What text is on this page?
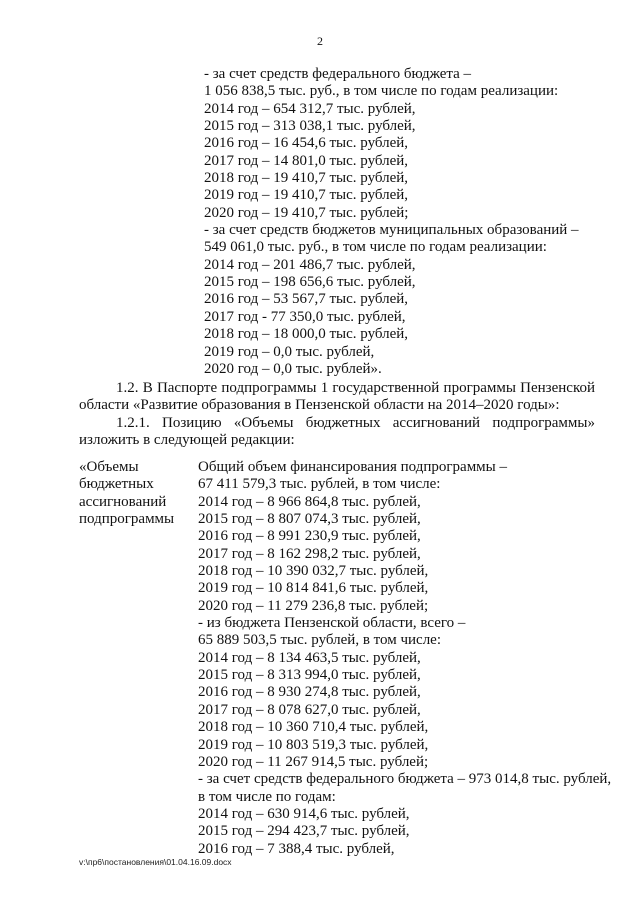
2
- за счет средств федерального бюджета –
1 056 838,5 тыс. руб., в том числе по годам реализации:
2014 год – 654 312,7 тыс. рублей,
2015 год – 313 038,1 тыс. рублей,
2016 год – 16 454,6 тыс. рублей,
2017 год – 14 801,0 тыс. рублей,
2018 год – 19 410,7 тыс. рублей,
2019 год – 19 410,7 тыс. рублей,
2020 год – 19 410,7 тыс. рублей;
- за счет средств бюджетов муниципальных образований –
549 061,0 тыс. руб., в том числе по годам реализации:
2014 год – 201 486,7 тыс. рублей,
2015 год – 198 656,6 тыс. рублей,
2016 год – 53 567,7 тыс. рублей,
2017 год - 77 350,0 тыс. рублей,
2018 год – 18 000,0 тыс. рублей,
2019 год – 0,0 тыс. рублей,
2020 год – 0,0 тыс. рублей».
1.2. В Паспорте подпрограммы 1 государственной программы Пензенской
области «Развитие образования в Пензенской области на 2014–2020 годы»:
1.2.1. Позицию «Объемы бюджетных ассигнований подпрограммы»
изложить в следующей редакции:
«Объемы
бюджетных
ассигнований
подпрограммы
Общий объем финансирования подпрограммы –
67 411 579,3 тыс. рублей, в том числе:
2014 год – 8 966 864,8 тыс. рублей,
2015 год – 8 807 074,3 тыс. рублей,
2016 год – 8 991 230,9 тыс. рублей,
2017 год – 8 162 298,2 тыс. рублей,
2018 год – 10 390 032,7 тыс. рублей,
2019 год – 10 814 841,6 тыс. рублей,
2020 год – 11 279 236,8 тыс. рублей;
- из бюджета Пензенской области, всего –
65 889 503,5 тыс. рублей, в том числе:
2014 год – 8 134 463,5 тыс. рублей,
2015 год – 8 313 994,0 тыс. рублей,
2016 год – 8 930 274,8 тыс. рублей,
2017 год – 8 078 627,0 тыс. рублей,
2018 год – 10 360 710,4 тыс. рублей,
2019 год – 10 803 519,3 тыс. рублей,
2020 год – 11 267 914,5 тыс. рублей;
- за счет средств федерального бюджета – 973 014,8 тыс. рублей,
в том числе по годам:
2014 год – 630 914,6 тыс. рублей,
2015 год – 294 423,7 тыс. рублей,
2016 год – 7 388,4 тыс. рублей,
v:\пр6\постановления\01.04.16.09.docx
